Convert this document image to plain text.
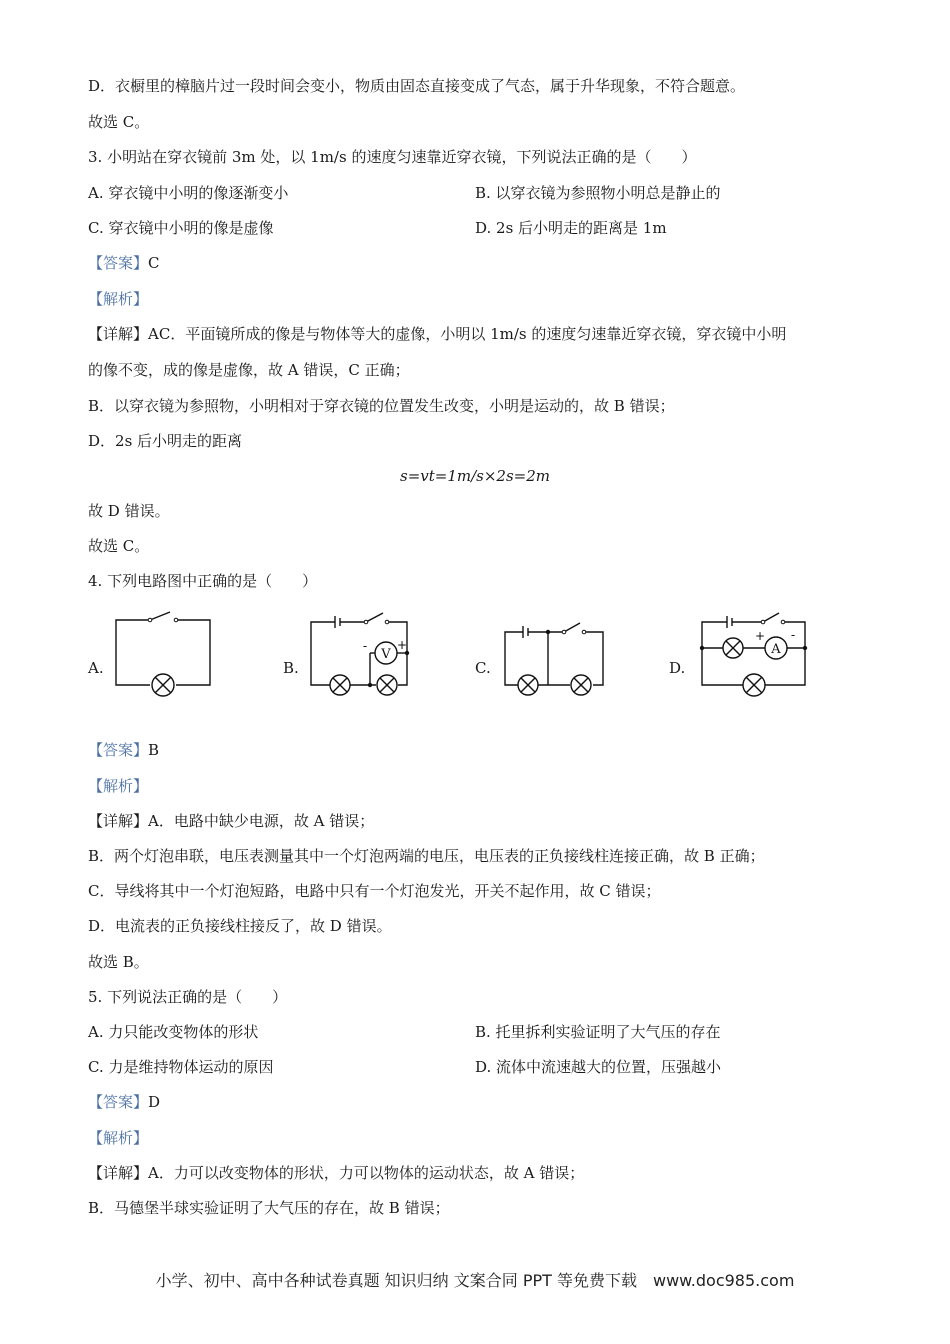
D．衣橱里的樟脑片过一段时间会变小，物质由固态直接变成了气态，属于升华现象，不符合题意。
故选 C。
3. 小明站在穿衣镜前 3m 处，以 1m/s 的速度匀速靠近穿衣镜，下列说法正确的是（　　）
A. 穿衣镜中小明的像逐渐变小	B. 以穿衣镜为参照物小明总是静止的
C. 穿衣镜中小明的像是虚像	D. 2s 后小明走的距离是 1m
【答案】C
【解析】
【详解】AC．平面镜所成的像是与物体等大的虚像，小明以 1m/s 的速度匀速靠近穿衣镜，穿衣镜中小明
的像不变，成的像是虚像，故 A 错误，C 正确；
B．以穿衣镜为参照物，小明相对于穿衣镜的位置发生改变，小明是运动的，故 B 错误；
D．2s 后小明走的距离
s=vt=1m/s×2s=2m
故 D 错误。
故选 C。
4. 下列电路图中正确的是（　　）
A.	B.	C.	D.
V
- +	A
+ -
【答案】B
【解析】
【详解】A．电路中缺少电源，故 A 错误；
B．两个灯泡串联，电压表测量其中一个灯泡两端的电压，电压表的正负接线柱连接正确，故 B 正确；
C．导线将其中一个灯泡短路，电路中只有一个灯泡发光，开关不起作用，故 C 错误；
D．电流表的正负接线柱接反了，故 D 错误。
故选 B。
5. 下列说法正确的是（　　）
A. 力只能改变物体的形状	B. 托里拆利实验证明了大气压的存在
C. 力是维持物体运动的原因	D. 流体中流速越大的位置，压强越小
【答案】D
【解析】
【详解】A．力可以改变物体的形状，力可以物体的运动状态，故 A 错误；
B．马德堡半球实验证明了大气压的存在，故 B 错误；
小学、初中、高中各种试卷真题 知识归纳 文案合同 PPT 等免费下载　www.doc985.com
